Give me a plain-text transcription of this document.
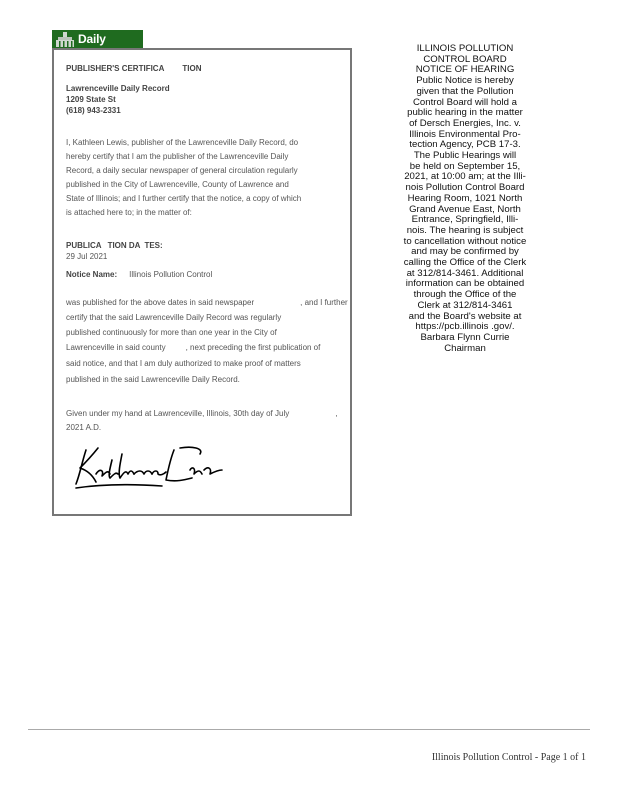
Daily
PUBLISHER'S CERTIFICA TION
Lawrenceville Daily Record
1209 State St
(618) 943-2331
I, Kathleen Lewis, publisher of the Lawrenceville Daily Record, do
hereby certify that I am the publisher of the Lawrenceville Daily
Record, a daily secular newspaper of general circulation regularly
published in the City of Lawrenceville, County of Lawrence and
State of Illinois; and I further certify that the notice, a copy of which
is attached here to; in the matter of:
PUBLICA TION DA TES:
29 Jul 2021
Notice Name: Illinois Pollution Control
was published for the above dates in said newspaper	, and I further
certify that the said Lawrenceville Daily Record was regularly
published continuously for more than one year in the City of
Lawrenceville in said county	, next preceding the first publication of
said notice, and that I am duly authorized to make proof of matters
published in the said Lawrenceville Daily Record.
Given under my hand at Lawrenceville, Illinois, 30th day of July	,
2021 A.D.
ILLINOIS POLLUTION
CONTROL BOARD
NOTICE OF HEARING
Public Notice is hereby
given that the Pollution
Control Board will hold a
public hearing in the matter
of Dersch Energies, Inc. v.
Illinois Environmental Pro-
tection Agency, PCB 17-3.
The Public Hearings will
be held on September 15,
2021, at 10:00 am; at the Illi-
nois Pollution Control Board
Hearing Room, 1021 North
Grand Avenue East, North
Entrance, Springfield, Illi-
nois. The hearing is subject
to cancellation without notice
and may be confirmed by
calling the Office of the Clerk
at 312/814-3461. Additional
information can be obtained
through the Office of the
Clerk at 312/814-3461
and the Board's website at
https://pcb.illinois .gov/.
Barbara Flynn Currie
Chairman
Illinois Pollution Control - Page 1 of 1
